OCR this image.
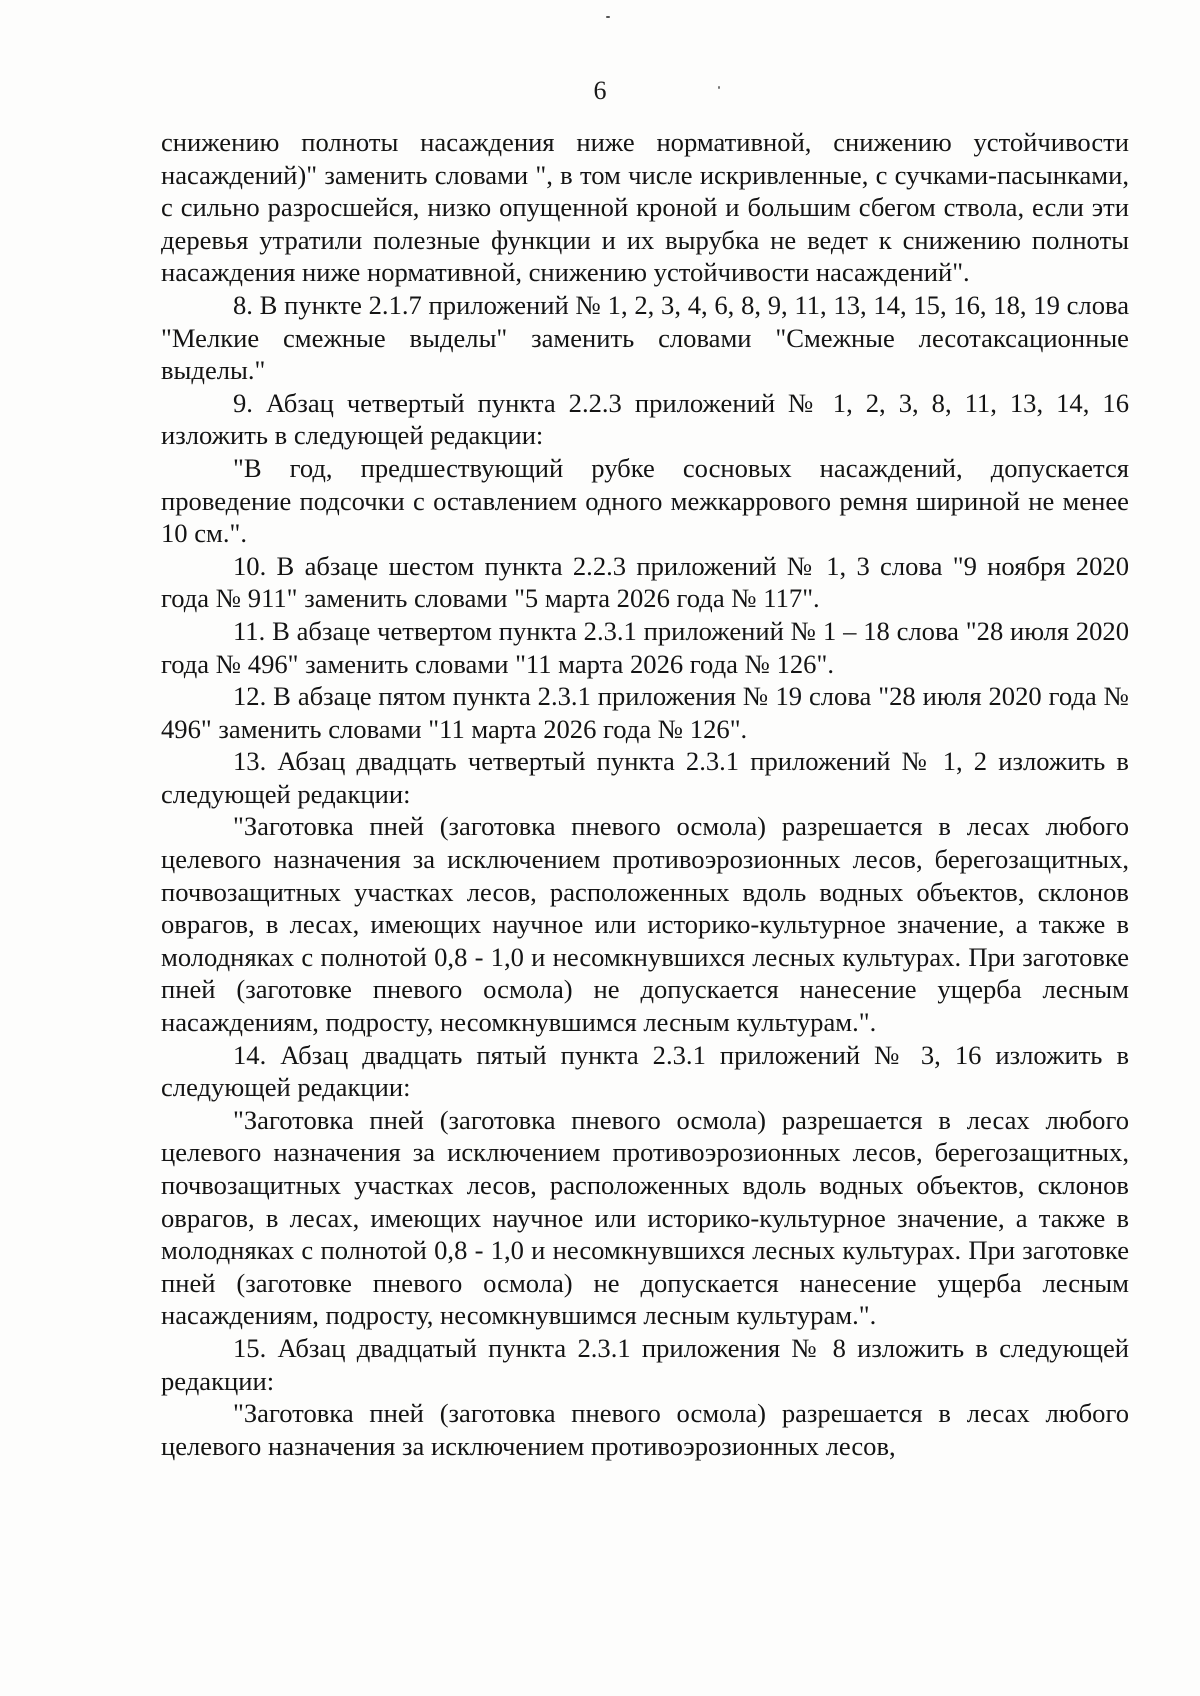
6

снижению полноты насаждения ниже нормативной, снижению устойчивости насаждений)" заменить словами ", в том числе искривленные, с сучками-пасынками, с сильно разросшейся, низко опущенной кроной и большим сбегом ствола, если эти деревья утратили полезные функции и их вырубка не ведет к снижению полноты насаждения ниже нормативной, снижению устойчивости насаждений".

8. В пункте 2.1.7 приложений № 1, 2, 3, 4, 6, 8, 9, 11, 13, 14, 15, 16, 18, 19 слова "Мелкие смежные выделы" заменить словами "Смежные лесотаксационные выделы."

9. Абзац четвертый пункта 2.2.3 приложений № 1, 2, 3, 8, 11, 13, 14, 16 изложить в следующей редакции:

"В год, предшествующий рубке сосновых насаждений, допускается проведение подсочки с оставлением одного межкаррового ремня шириной не менее 10 см.".

10. В абзаце шестом пункта 2.2.3 приложений № 1, 3 слова "9 ноября 2020 года № 911" заменить словами "5 марта 2026 года № 117".

11. В абзаце четвертом пункта 2.3.1 приложений № 1 – 18 слова "28 июля 2020 года № 496" заменить словами "11 марта 2026 года № 126".

12. В абзаце пятом пункта 2.3.1 приложения № 19 слова "28 июля 2020 года № 496" заменить словами "11 марта 2026 года № 126".

13. Абзац двадцать четвертый пункта 2.3.1 приложений № 1, 2 изложить в следующей редакции:

"Заготовка пней (заготовка пневого осмола) разрешается в лесах любого целевого назначения за исключением противоэрозионных лесов, берегозащитных, почвозащитных участках лесов, расположенных вдоль водных объектов, склонов оврагов, в лесах, имеющих научное или историко-культурное значение, а также в молодняках с полнотой 0,8 - 1,0 и несомкнувшихся лесных культурах. При заготовке пней (заготовке пневого осмола) не допускается нанесение ущерба лесным насаждениям, подросту, несомкнувшимся лесным культурам.".

14. Абзац двадцать пятый пункта 2.3.1 приложений № 3, 16 изложить в следующей редакции:

"Заготовка пней (заготовка пневого осмола) разрешается в лесах любого целевого назначения за исключением противоэрозионных лесов, берегозащитных, почвозащитных участках лесов, расположенных вдоль водных объектов, склонов оврагов, в лесах, имеющих научное или историко-культурное значение, а также в молодняках с полнотой 0,8 - 1,0 и несомкнувшихся лесных культурах. При заготовке пней (заготовке пневого осмола) не допускается нанесение ущерба лесным насаждениям, подросту, несомкнувшимся лесным культурам.".

15. Абзац двадцатый пункта 2.3.1 приложения № 8 изложить в следующей редакции:

"Заготовка пней (заготовка пневого осмола) разрешается в лесах любого целевого назначения за исключением противоэрозионных лесов,
